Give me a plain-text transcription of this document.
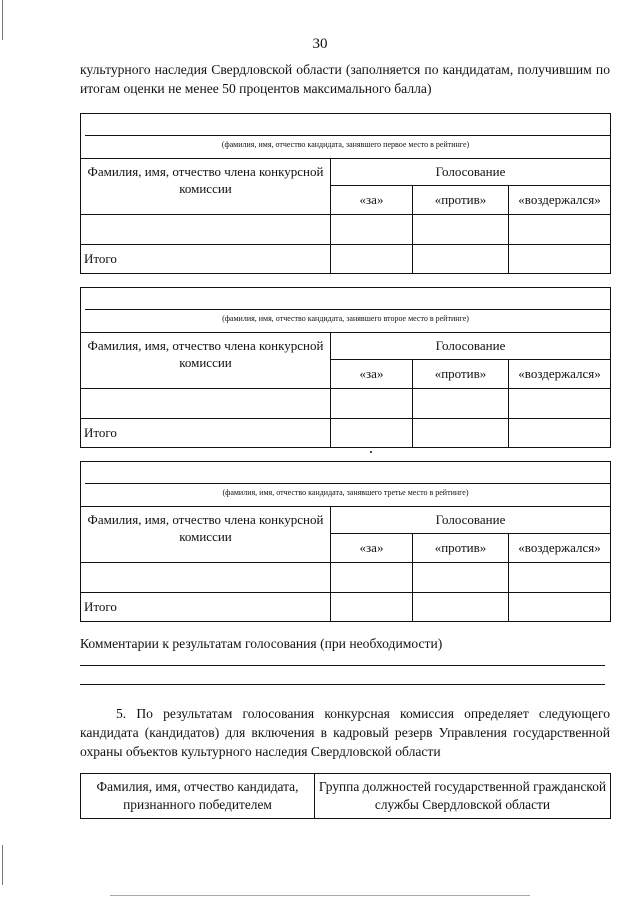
30
культурного наследия Свердловской области (заполняется по кандидатам, получившим по итогам оценки не менее 50 процентов максимального балла)
(фамилия, имя, отчество кандидата, занявшего первое место в рейтинге)			

Фамилия, имя, отчество члена конкурсной комиссии	Голосование		
	«за»	«против»	«воздержался»

Итого			
(фамилия, имя, отчество кандидата, занявшего второе место в рейтинге)			

Фамилия, имя, отчество члена конкурсной комиссии	Голосование		
	«за»	«против»	«воздержался»

Итого			
(фамилия, имя, отчество кандидата, занявшего третье место в рейтинге)			

Фамилия, имя, отчество члена конкурсной комиссии	Голосование		
	«за»	«против»	«воздержался»

Итого			
Комментарии к результатам голосования (при необходимости)
5. По результатам голосования конкурсная комиссия определяет следующего кандидата (кандидатов) для включения в кадровый резерв Управления государственной охраны объектов культурного наследия Свердловской области
Фамилия, имя, отчество кандидата, признанного победителем	Группа должностей государственной гражданской службы Свердловской области
